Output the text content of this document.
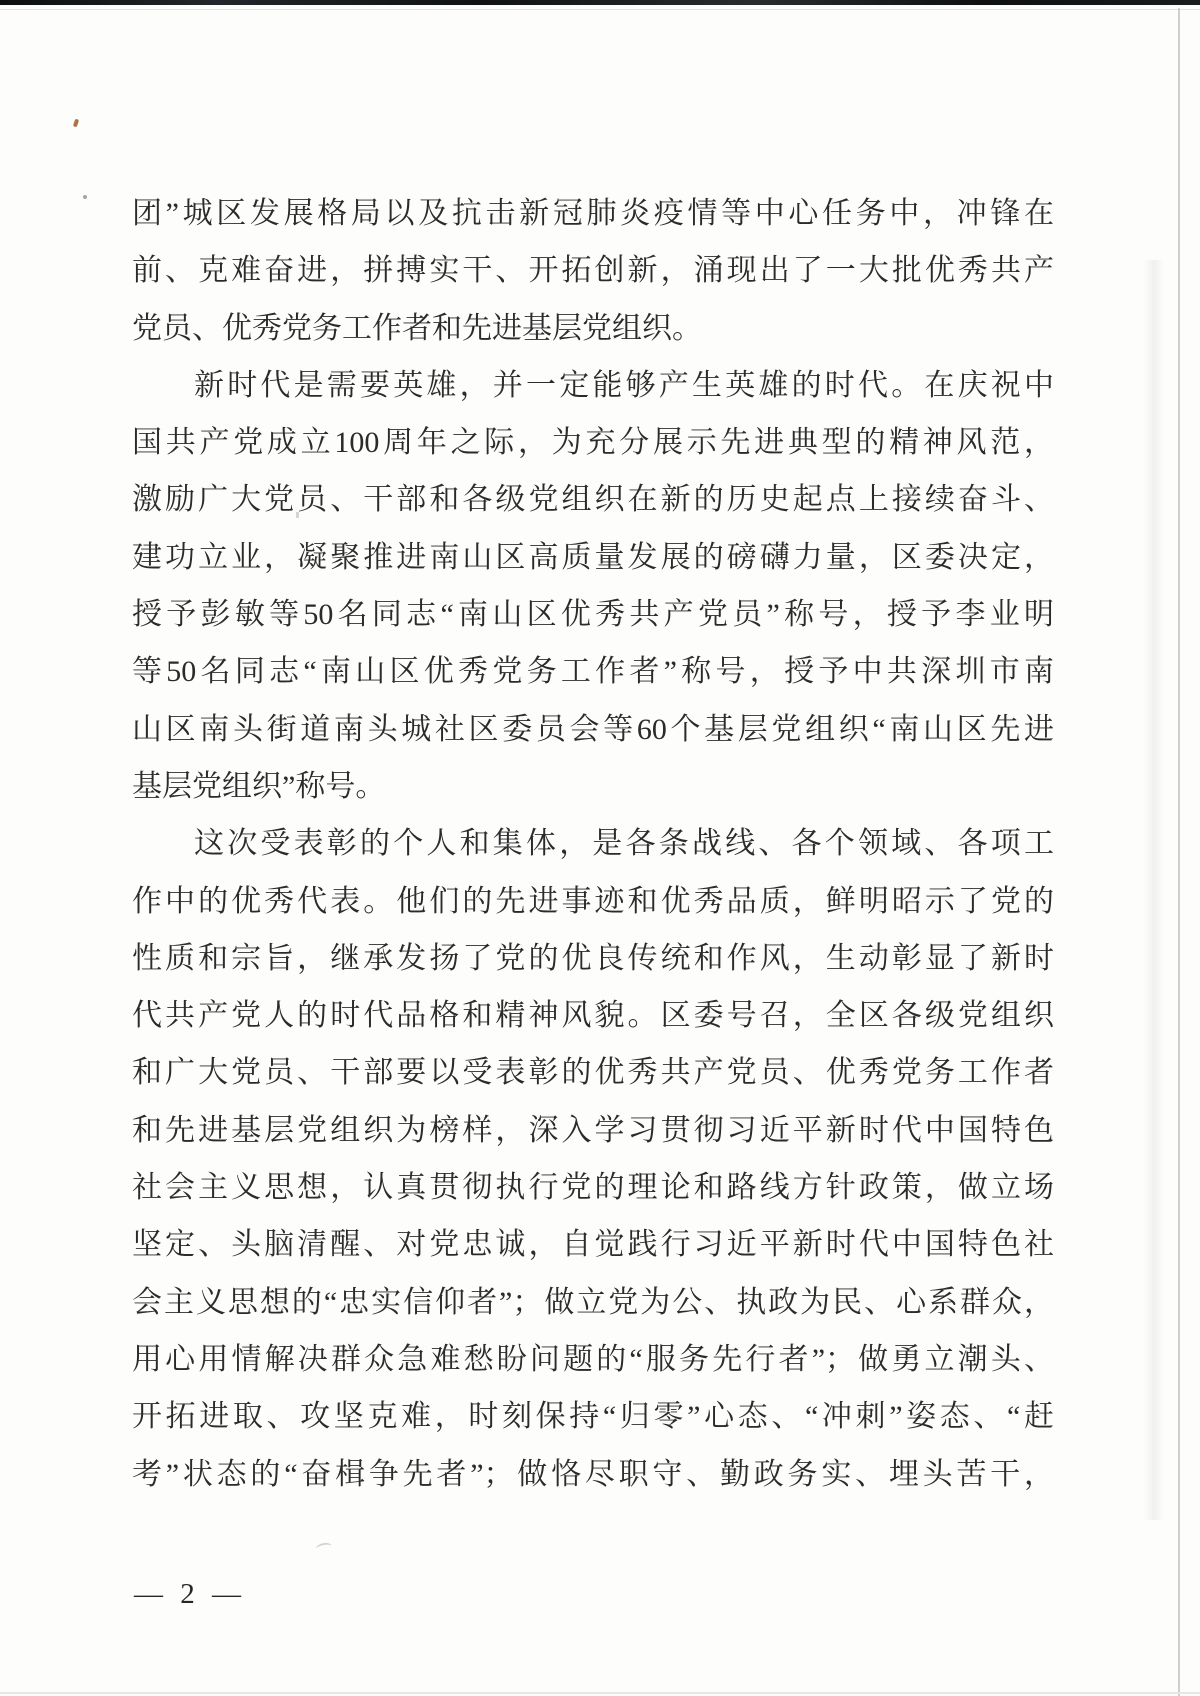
团”城区发展格局以及抗击新冠肺炎疫情等中心任务中，冲锋在
前、克难奋进，拼搏实干、开拓创新，涌现出了一大批优秀共产
党员、优秀党务工作者和先进基层党组织。
新时代是需要英雄，并一定能够产生英雄的时代。在庆祝中
国共产党成立100周年之际，为充分展示先进典型的精神风范，
激励广大党员、干部和各级党组织在新的历史起点上接续奋斗、
建功立业，凝聚推进南山区高质量发展的磅礴力量，区委决定，
授予彭敏等50名同志“南山区优秀共产党员”称号，授予李业明
等50名同志“南山区优秀党务工作者”称号，授予中共深圳市南
山区南头街道南头城社区委员会等60个基层党组织“南山区先进
基层党组织”称号。
这次受表彰的个人和集体，是各条战线、各个领域、各项工
作中的优秀代表。他们的先进事迹和优秀品质，鲜明昭示了党的
性质和宗旨，继承发扬了党的优良传统和作风，生动彰显了新时
代共产党人的时代品格和精神风貌。区委号召，全区各级党组织
和广大党员、干部要以受表彰的优秀共产党员、优秀党务工作者
和先进基层党组织为榜样，深入学习贯彻习近平新时代中国特色
社会主义思想，认真贯彻执行党的理论和路线方针政策，做立场
坚定、头脑清醒、对党忠诚，自觉践行习近平新时代中国特色社
会主义思想的“忠实信仰者”；做立党为公、执政为民、心系群众，
用心用情解决群众急难愁盼问题的“服务先行者”；做勇立潮头、
开拓进取、攻坚克难，时刻保持“归零”心态、“冲刺”姿态、“赶
考”状态的“奋楫争先者”；做恪尽职守、勤政务实、埋头苦干，
— 2 —
